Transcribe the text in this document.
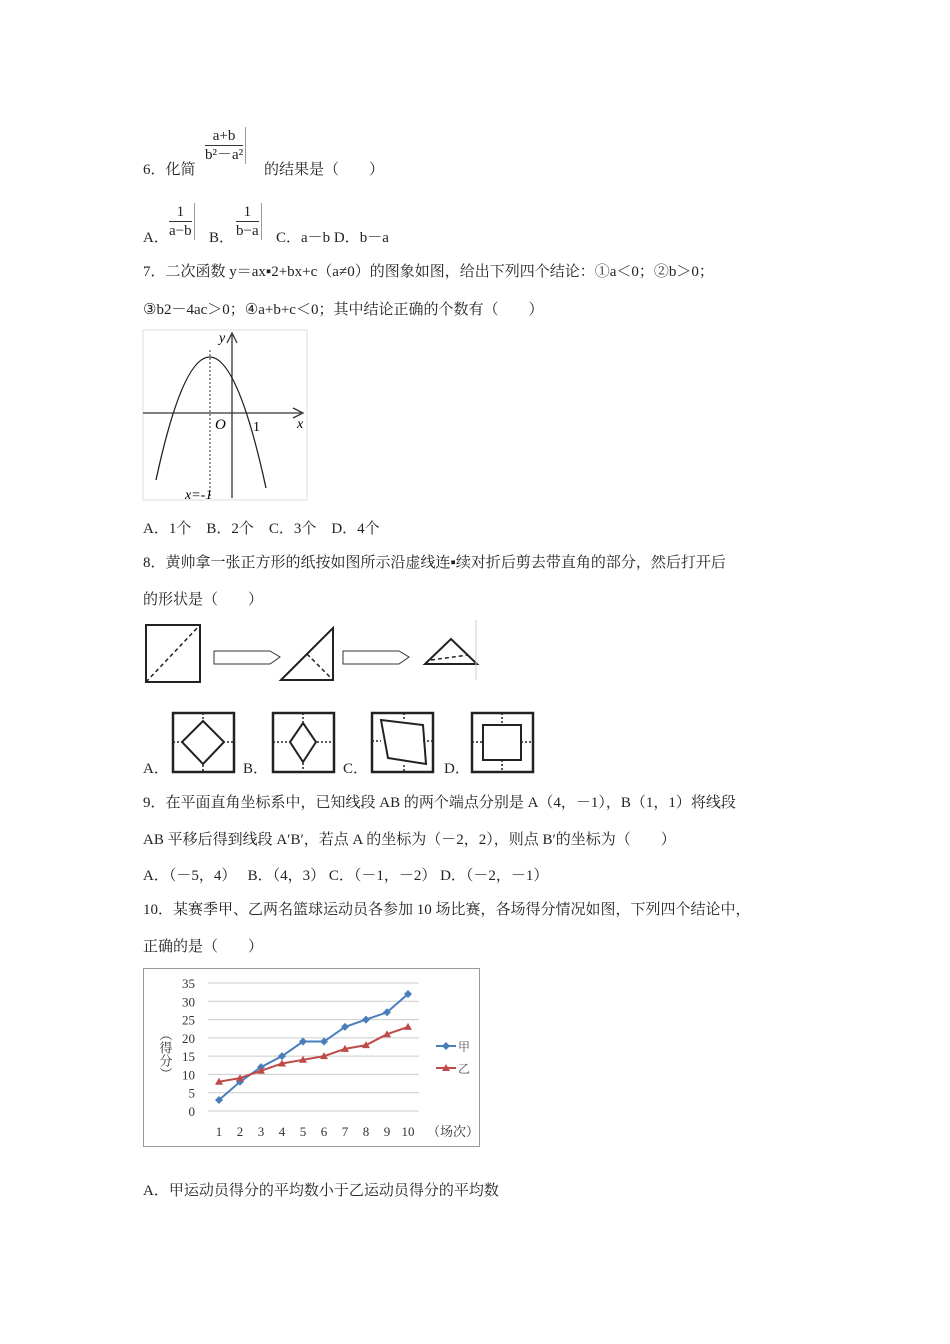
6．化简
$\frac{a+b}{\text{b²－a²}}$
的结果是（　　）
A．
$\frac{1}{a-b}$ B． $\frac{1}{b-a}$ C．a－b D．b－a
7．二次函数 y＝ax▪2+bx+c（a≠0）的图象如图，给出下列四个结论：①a＜0；②b＞0；
③b2－4ac＞0；④a+b+c＜0；其中结论正确的个数有（　　）
y
x
O 1
x=-1
A．1个　B．2个　C．3个　D．4个
8．黄帅拿一张正方形的纸按如图所示沿虚线连▪续对折后剪去带直角的部分，然后打开后
的形状是（　　）
A．	B．	C．	D．
9．在平面直角坐标系中，已知线段 AB 的两个端点分别是 A（4，－1），B（1，1）将线段
AB 平移后得到线段 A′B′，若点 A 的坐标为（－2，2），则点 B′的坐标为（　　）
A．（－5，4）　 B．（4，3） C．（－1，－2） D．（－2，－1）
10．某赛季甲、乙两名篮球运动员各参加 10 场比赛，各场得分情况如图，下列四个结论中，
正确的是（　　）
0
5
10
15
20
25
30
35
1 2 3 4 5 6 7 8 9 10 （场次）
（得分）	甲
乙
A．甲运动员得分的平均数小于乙运动员得分的平均数
